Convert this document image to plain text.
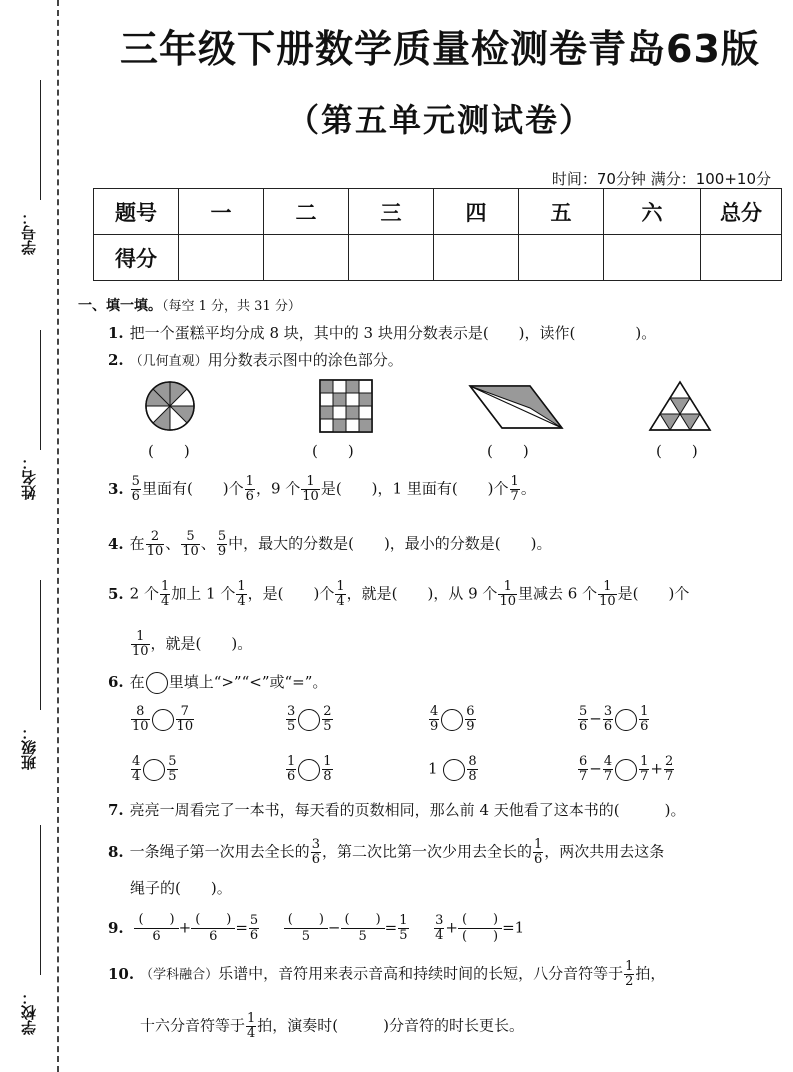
学号：
姓名：
班级：
学校：
三年级下册数学质量检测卷青岛63版
（第五单元测试卷）
时间：70分钟 满分：100+10分
题号	一	二	三	四	五	六	总分
得分							
一、填一填。（每空 1 分，共 31 分）
1. 把一个蛋糕平均分成 8 块，其中的 3 块用分数表示是(　　)，读作(　　　　)。
2. （几何直观）用分数表示图中的涂色部分。
(　　)	(　　)	(　　)	(　　)
3. $\frac{5}{6}$ 里面有(　　)个 $\frac{1}{6}$ ，9 个 $\frac{1}{10}$ 是(　　)，1 里面有(　　)个 $\frac{1}{7}$ 。
4. 在 $\frac{2}{10}$ 、 $\frac{5}{10}$ 、 $\frac{5}{9}$ 中，最大的分数是(　　)，最小的分数是(　　)。
5. 2 个 $\frac{1}{4}$ 加上 1 个 $\frac{1}{4}$ ，是(　　)个 $\frac{1}{4}$ ，就是(　　)，从 9 个 $\frac{1}{10}$ 里减去 6 个 $\frac{1}{10}$ 是(　　)个
$\frac{1}{10}$ ，就是(　　)。
6. 在 里填上“>”“<”或“=”。
$\frac{8}{10} \frac{7}{10}$	$\frac{3}{5} \frac{2}{5}$	$\frac{4}{9} \frac{6}{9}$	$\frac{5}{6} - \frac{3}{6} \frac{1}{6}$
$\frac{4}{4} \frac{5}{5}$	$\frac{1}{6} \frac{1}{8}$	$1 \frac{8}{8}$	$\frac{6}{7} - \frac{4}{7} \frac{1}{7} + \frac{2}{7}$
7. 亮亮一周看完了一本书，每天看的页数相同，那么前 4 天他看了这本书的(　　　)。
8. 一条绳子第一次用去全长的 $\frac{3}{6}$ ，第二次比第一次少用去全长的 $\frac{1}{6}$ ，两次共用去这条
绳子的(　　)。
9.	(　　)
6	+ (　　)
6	= $\frac{5}{6}$
	(　　)
5	− (　　)
5	= $\frac{1}{5}$
$\frac{3}{4}$ + (　　)
(　　) =1
10. （学科融合）乐谱中，音符用来表示音高和持续时间的长短，八分音符等于 $\frac{1}{2}$ 拍，
十六分音符等于 $\frac{1}{4}$ 拍，演奏时(　　　)分音符的时长更长。
